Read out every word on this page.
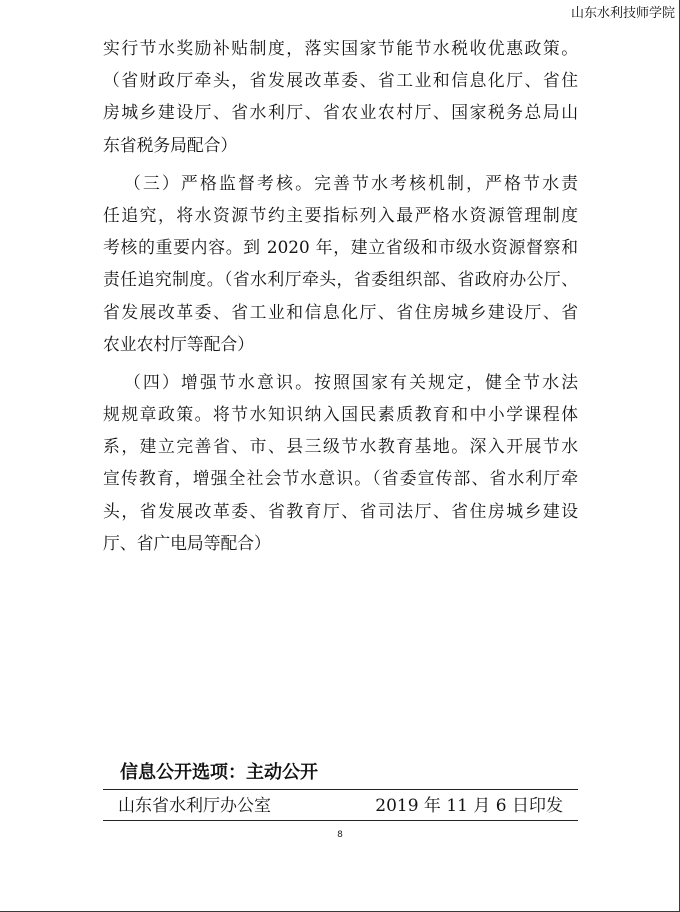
山东水利技师学院
实行节水奖励补贴制度，落实国家节能节水税收优惠政策。
（省财政厅牵头，省发展改革委、省工业和信息化厅、省住
房城乡建设厅、省水利厅、省农业农村厅、国家税务总局山
东省税务局配合）
（三）严格监督考核。完善节水考核机制，严格节水责
任追究，将水资源节约主要指标列入最严格水资源管理制度
考核的重要内容。到 2020 年，建立省级和市级水资源督察和
责任追究制度。（省水利厅牵头，省委组织部、省政府办公厅、
省发展改革委、省工业和信息化厅、省住房城乡建设厅、省
农业农村厅等配合）
（四）增强节水意识。按照国家有关规定，健全节水法
规规章政策。将节水知识纳入国民素质教育和中小学课程体
系，建立完善省、市、县三级节水教育基地。深入开展节水
宣传教育，增强全社会节水意识。（省委宣传部、省水利厅牵
头，省发展改革委、省教育厅、省司法厅、省住房城乡建设
厅、省广电局等配合）
信息公开选项：主动公开
山东省水利厅办公室	2019 年 11 月 6 日印发
8
